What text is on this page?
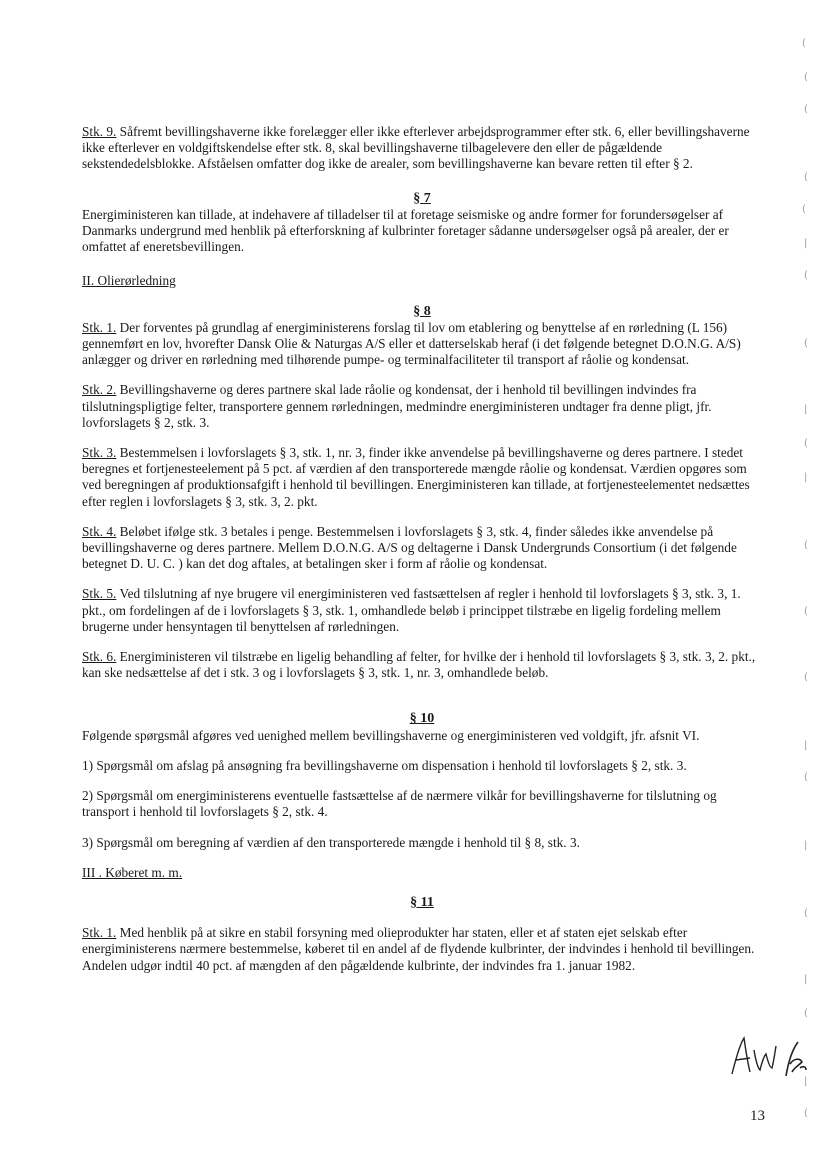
Stk. 9. Såfremt bevillingshaverne ikke forelægger eller ikke efterlever arbejdsprogrammer efter stk. 6, eller bevillingshaverne ikke efterlever en voldgiftskendelse efter stk. 8, skal bevillingshaverne tilbagelevere den eller de pågældende sekstendedelsblokke. Afståelsen omfatter dog ikke de arealer, som bevillingshaverne kan bevare retten til efter § 2.

§ 7

Energiministeren kan tillade, at indehavere af tilladelser til at foretage seismiske og andre former for forundersøgelser af Danmarks undergrund med henblik på efterforskning af kulbrinter foretager sådanne undersøgelser også på arealer, der er omfattet af eneretsbevillingen.

II. Olierørledning

§ 8

Stk. 1. Der forventes på grundlag af energiministerens forslag til lov om etablering og benyttelse af en rørledning (L 156) gennemført en lov, hvorefter Dansk Olie & Naturgas A/S eller et datterselskab heraf (i det følgende betegnet D.O.N.G. A/S) anlægger og driver en rørledning med tilhørende pumpe- og terminalfaciliteter til transport af råolie og kondensat.

Stk. 2. Bevillingshaverne og deres partnere skal lade råolie og kondensat, der i henhold til bevillingen indvindes fra tilslutningspligtige felter, transportere gennem rørledningen, medmindre energiministeren undtager fra denne pligt, jfr. lovforslagets § 2, stk. 3.

Stk. 3. Bestemmelsen i lovforslagets § 3, stk. 1, nr. 3, finder ikke anvendelse på bevillingshaverne og deres partnere. I stedet beregnes et fortjenesteelement på 5 pct. af værdien af den transporterede mængde råolie og kondensat. Værdien opgøres som ved beregningen af produktionsafgift i henhold til bevillingen. Energiministeren kan tillade, at fortjenesteelementet nedsættes efter reglen i lovforslagets § 3, stk. 3, 2. pkt.

Stk. 4. Beløbet ifølge stk. 3 betales i penge. Bestemmelsen i lovforslagets § 3, stk. 4, finder således ikke anvendelse på bevillingshaverne og deres partnere. Mellem D.O.N.G. A/S og deltagerne i Dansk Undergrunds Consortium (i det følgende betegnet D. U. C. ) kan det dog aftales, at betalingen sker i form af råolie og kondensat.

Stk. 5. Ved tilslutning af nye brugere vil energiministeren ved fastsættelsen af regler i henhold til lovforslagets § 3, stk. 3, 1. pkt., om fordelingen af de i lovforslagets § 3, stk. 1, omhandlede beløb i princippet tilstræbe en ligelig fordeling mellem brugerne under hensyntagen til benyttelsen af rørledningen.

Stk. 6. Energiministeren vil tilstræbe en ligelig behandling af felter, for hvilke der i henhold til lovforslagets § 3, stk. 3, 2. pkt., kan ske nedsættelse af det i stk. 3 og i lovforslagets § 3, stk. 1, nr. 3, omhandlede beløb.

§ 10

Følgende spørgsmål afgøres ved uenighed mellem bevillingshaverne og energiministeren ved voldgift, jfr. afsnit VI.

1) Spørgsmål om afslag på ansøgning fra bevillingshaverne om dispensation i henhold til lovforslagets § 2, stk. 3.

2) Spørgsmål om energiministerens eventuelle fastsættelse af de nærmere vilkår for bevillingshaverne for tilslutning og transport i henhold til lovforslagets § 2, stk. 4.

3) Spørgsmål om beregning af værdien af den transporterede mængde i henhold til § 8, stk. 3.

III . Køberet m. m.

§ 11

Stk. 1. Med henblik på at sikre en stabil forsyning med olieprodukter har staten, eller et af staten ejet selskab efter energiministerens nærmere bestemmelse, køberet til en andel af de flydende kulbrinter, der indvindes i henhold til bevillingen. Andelen udgør indtil 40 pct. af mængden af den pågældende kulbrinte, der indvindes fra 1. januar 1982.

13
(
(
(
(
(
|
(
(
|
(
|
(
(
(
|
(
|
(
|
(
|
(
